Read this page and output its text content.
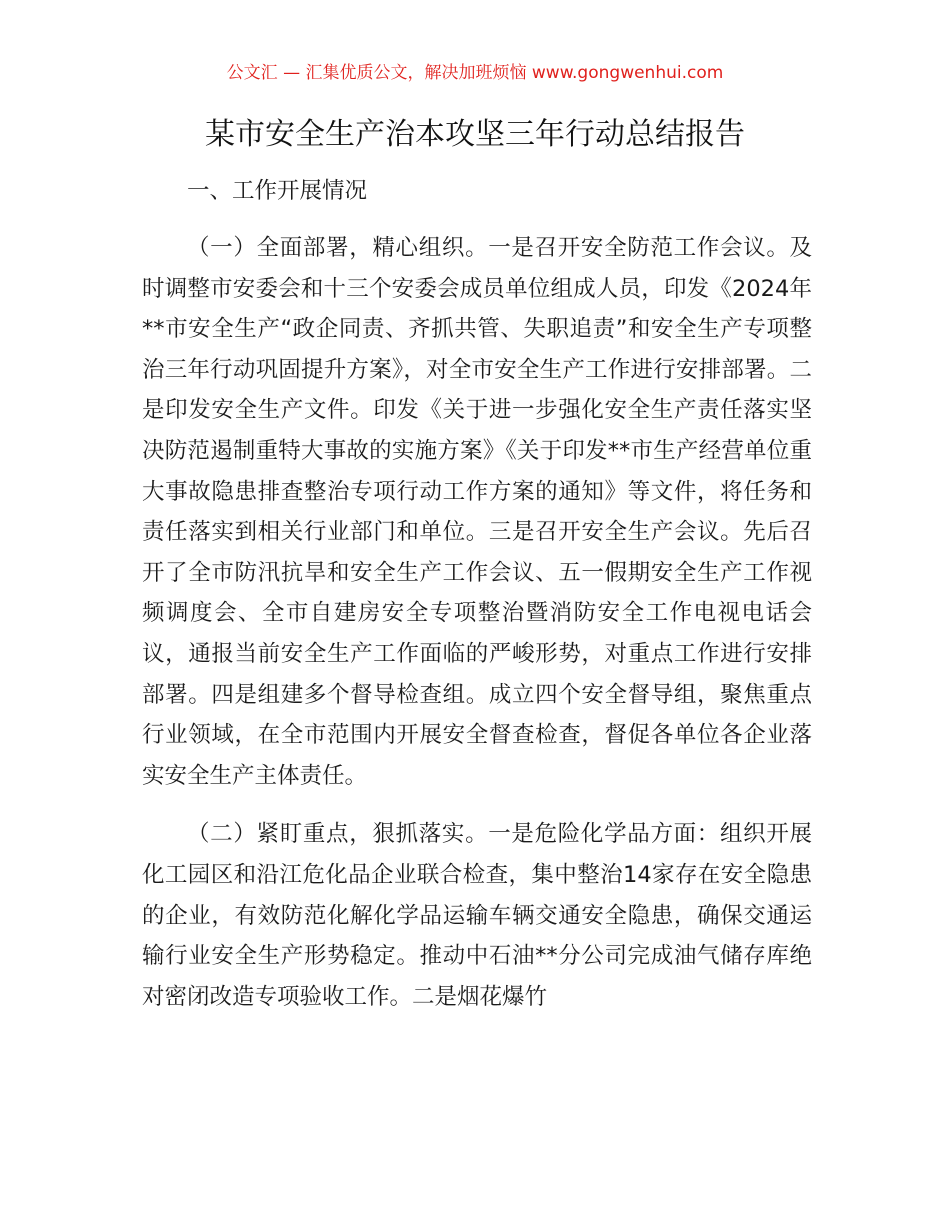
公文汇 — 汇集优质公文，解决加班烦恼 www.gongwenhui.com
某市安全生产治本攻坚三年行动总结报告

一、工作开展情况

（一）全面部署，精心组织。一是召开安全防范工作会议。及时调整市安委会和十三个安委会成员单位组成人员，印发《2024年**市安全生产“政企同责、齐抓共管、失职追责”和安全生产专项整治三年行动巩固提升方案》，对全市安全生产工作进行安排部署。二是印发安全生产文件。印发《关于进一步强化安全生产责任落实坚决防范遏制重特大事故的实施方案》《关于印发**市生产经营单位重大事故隐患排查整治专项行动工作方案的通知》等文件，将任务和责任落实到相关行业部门和单位。三是召开安全生产会议。先后召开了全市防汛抗旱和安全生产工作会议、五一假期安全生产工作视频调度会、全市自建房安全专项整治暨消防安全工作电视电话会议，通报当前安全生产工作面临的严峻形势，对重点工作进行安排部署。四是组建多个督导检查组。成立四个安全督导组，聚焦重点行业领域，在全市范围内开展安全督查检查，督促各单位各企业落实安全生产主体责任。

（二）紧盯重点，狠抓落实。一是危险化学品方面：组织开展化工园区和沿江危化品企业联合检查，集中整治14家存在安全隐患的企业，有效防范化解化学品运输车辆交通安全隐患，确保交通运输行业安全生产形势稳定。推动中石油**分公司完成油气储存库绝对密闭改造专项验收工作。二是烟花爆竹
